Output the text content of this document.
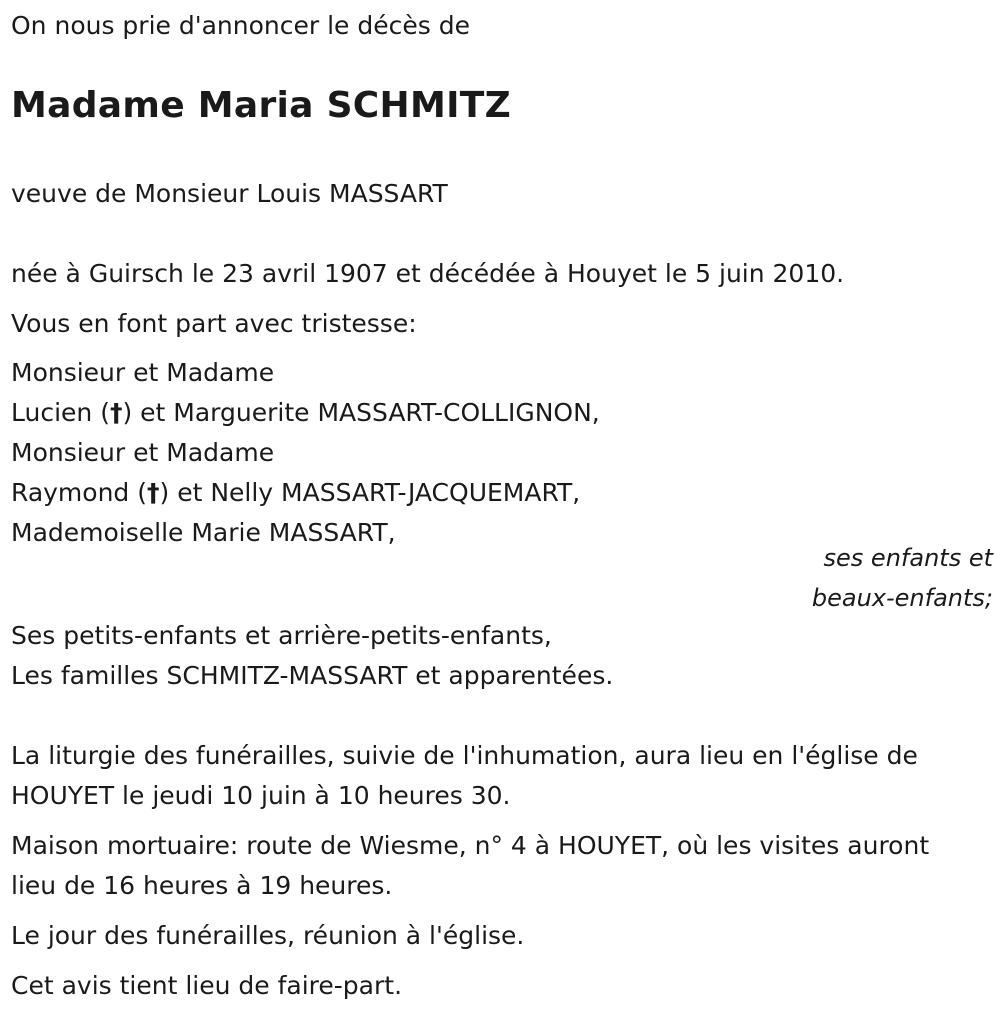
On nous prie d'annoncer le décès de

Madame Maria SCHMITZ

veuve de Monsieur Louis MASSART

née à Guirsch le 23 avril 1907 et décédée à Houyet le 5 juin 2010.

Vous en font part avec tristesse:

Monsieur et Madame

Lucien (†) et Marguerite MASSART-COLLIGNON,

Monsieur et Madame

Raymond (†) et Nelly MASSART-JACQUEMART,

Mademoiselle Marie MASSART,

ses enfants et

beaux-enfants;

Ses petits-enfants et arrière-petits-enfants,

Les familles SCHMITZ-MASSART et apparentées.

La liturgie des funérailles, suivie de l'inhumation, aura lieu en l'église de

HOUYET le jeudi 10 juin à 10 heures 30.

Maison mortuaire: route de Wiesme, n° 4 à HOUYET, où les visites auront

lieu de 16 heures à 19 heures.

Le jour des funérailles, réunion à l'église.

Cet avis tient lieu de faire-part.
